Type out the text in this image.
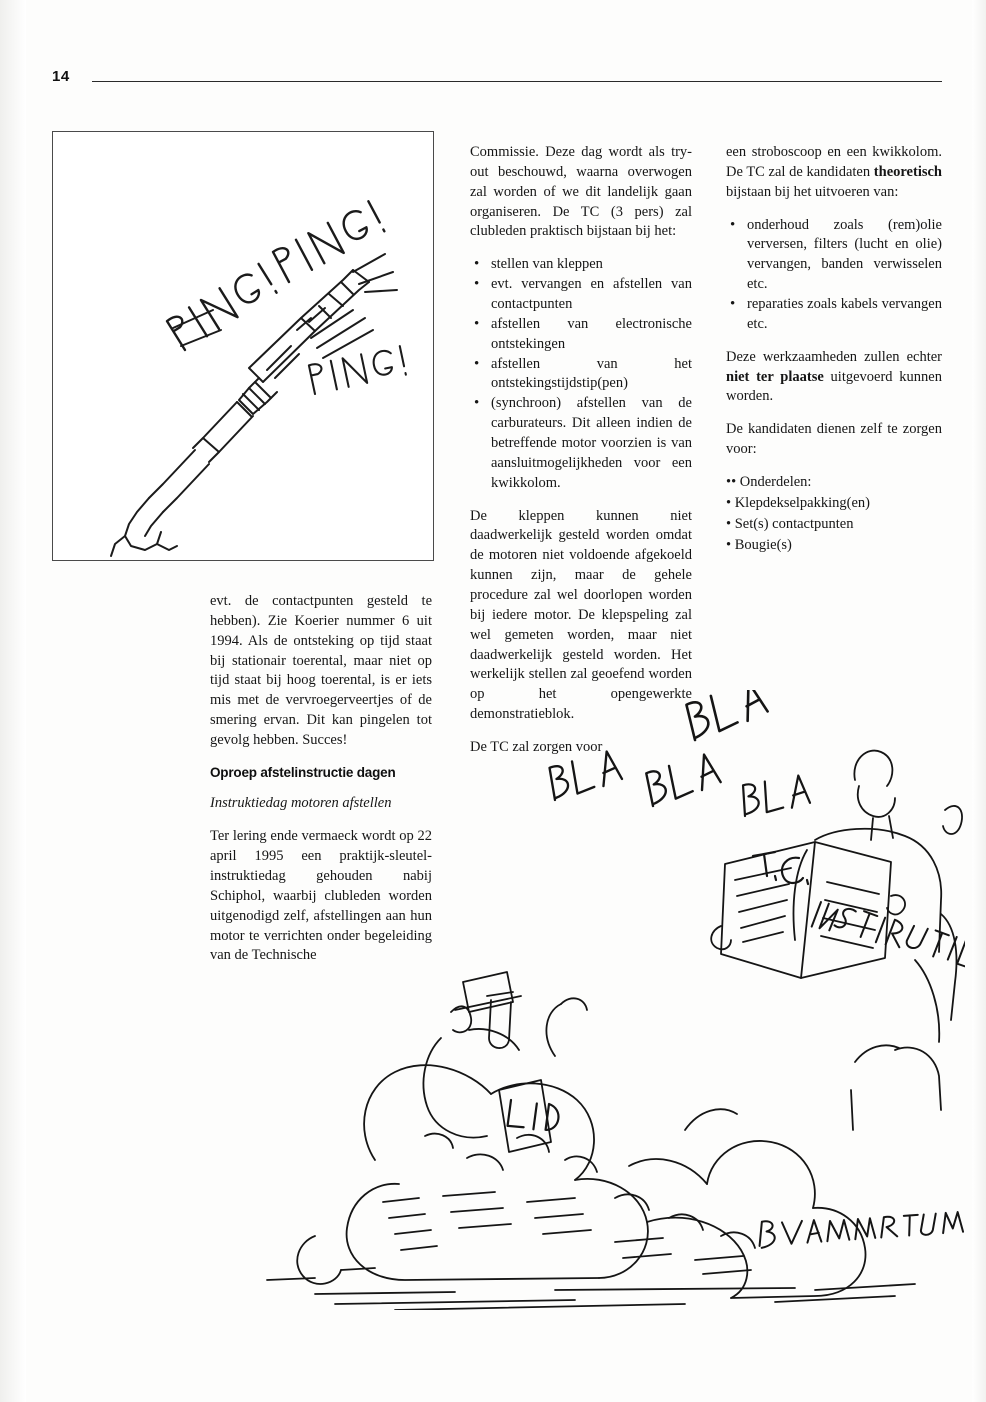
14

evt. de contactpunten gesteld te hebben). Zie Koerier nummer 6 uit 1994. Als de ontsteking op tijd staat bij stationair toerental, maar niet op tijd staat bij hoog toerental, is er iets mis met de vervroegerveertjes of de smering ervan. Dit kan pingelen tot gevolg hebben. Succes!

Oproep afstelinstructie dagen

Instruktiedag motoren afstellen

Ter lering ende vermaeck wordt op 22 april 1995 een praktijk-sleutel-instruktiedag gehouden nabij Schiphol, waarbij clubleden worden uitgenodigd zelf, afstellingen aan hun motor te verrichten onder begeleiding van de Technische

Commissie. Deze dag wordt als try-out beschouwd, waarna overwogen zal worden of we dit landelijk gaan organiseren. De TC (3 pers) zal clubleden praktisch bijstaan bij het:

• stellen van kleppen
• evt. vervangen en afstellen van contactpunten
• afstellen van electronische ontstekingen
• afstellen van het ontstekingstijdstip(pen)
• (synchroon) afstellen van de carburateurs. Dit alleen indien de betreffende motor voorzien is van aansluitmogelijkheden voor een kwikkolom.

De kleppen kunnen niet daadwerkelijk gesteld worden omdat de motoren niet voldoende afgekoeld kunnen zijn, maar de gehele procedure zal wel doorlopen worden bij iedere motor. De klepspeling zal wel gemeten worden, maar niet daadwerkelijk gesteld worden. Het werkelijk stellen zal geoefend worden op het opengewerkte demonstratieblok.

De TC zal zorgen voor

een stroboscoop en een kwikkolom. De TC zal de kandidaten theoretisch bijstaan bij het uitvoeren van:

• onderhoud zoals (rem)olie verversen, filters (lucht en olie) vervangen, banden verwisselen etc.
• reparaties zoals kabels vervangen etc.

Deze werkzaamheden zullen echter niet ter plaatse uitgevoerd kunnen worden.

De kandidaten dienen zelf te zorgen voor:

•• Onderdelen:
• Klepdekselpakking(en)
• Set(s) contactpunten
• Bougie(s)
